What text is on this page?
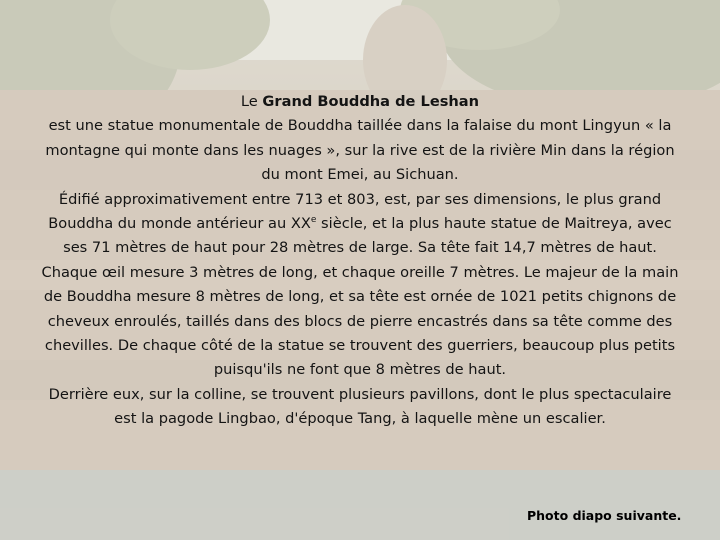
Le Grand Bouddha de Leshan
est une statue monumentale de Bouddha taillée dans la falaise du mont Lingyun « la montagne qui monte dans les nuages », sur la rive est de la rivière Min dans la région du mont Emei, au Sichuan.
Édifié approximativement entre 713 et 803, est, par ses dimensions, le plus grand Bouddha du monde antérieur au XXe siècle, et la plus haute statue de Maitreya, avec ses 71 mètres de haut pour 28 mètres de large. Sa tête fait 14,7 mètres de haut. Chaque œil mesure 3 mètres de long, et chaque oreille 7 mètres. Le majeur de la main de Bouddha mesure 8 mètres de long, et sa tête est ornée de 1021 petits chignons de cheveux enroulés, taillés dans des blocs de pierre encastrés dans sa tête comme des chevilles. De chaque côté de la statue se trouvent des guerriers, beaucoup plus petits puisqu'ils ne font que 8 mètres de haut.
Derrière eux, sur la colline, se trouvent plusieurs pavillons, dont le plus spectaculaire est la pagode Lingbao, d'époque Tang, à laquelle mène un escalier.
Photo diapo suivante.
